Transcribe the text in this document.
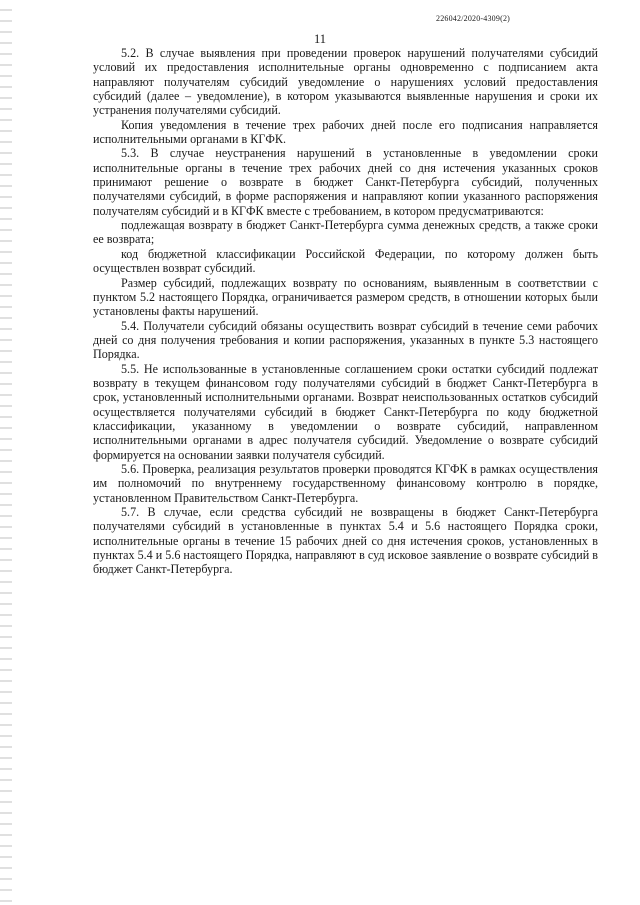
226042/2020-4309(2)
11

5.2. В случае выявления при проведении проверок нарушений получателями субсидий условий их предоставления исполнительные органы одновременно с подписанием акта направляют получателям субсидий уведомление о нарушениях условий предоставления субсидий (далее – уведомление), в котором указываются выявленные нарушения и сроки их устранения получателями субсидий.

Копия уведомления в течение трех рабочих дней после его подписания направляется исполнительными органами в КГФК.

5.3. В случае неустранения нарушений в установленные в уведомлении сроки исполнительные органы в течение трех рабочих дней со дня истечения указанных сроков принимают решение о возврате в бюджет Санкт-Петербурга субсидий, полученных получателями субсидий, в форме распоряжения и направляют копии указанного распоряжения получателям субсидий и в КГФК вместе с требованием, в котором предусматриваются:

подлежащая возврату в бюджет Санкт-Петербурга сумма денежных средств, а также сроки ее возврата;

код бюджетной классификации Российской Федерации, по которому должен быть осуществлен возврат субсидий.

Размер субсидий, подлежащих возврату по основаниям, выявленным в соответствии с пунктом 5.2 настоящего Порядка, ограничивается размером средств, в отношении которых были установлены факты нарушений.

5.4. Получатели субсидий обязаны осуществить возврат субсидий в течение семи рабочих дней со дня получения требования и копии распоряжения, указанных в пункте 5.3 настоящего Порядка.

5.5. Не использованные в установленные соглашением сроки остатки субсидий подлежат возврату в текущем финансовом году получателями субсидий в бюджет Санкт-Петербурга в срок, установленный исполнительными органами. Возврат неиспользованных остатков субсидий осуществляется получателями субсидий в бюджет Санкт-Петербурга по коду бюджетной классификации, указанному в уведомлении о возврате субсидий, направленном исполнительными органами в адрес получателя субсидий. Уведомление о возврате субсидий формируется на основании заявки получателя субсидий.

5.6. Проверка, реализация результатов проверки проводятся КГФК в рамках осуществления им полномочий по внутреннему государственному финансовому контролю в порядке, установленном Правительством Санкт-Петербурга.

5.7. В случае, если средства субсидий не возвращены в бюджет Санкт-Петербурга получателями субсидий в установленные в пунктах 5.4 и 5.6 настоящего Порядка сроки, исполнительные органы в течение 15 рабочих дней со дня истечения сроков, установленных в пунктах 5.4 и 5.6 настоящего Порядка, направляют в суд исковое заявление о возврате субсидий в бюджет Санкт-Петербурга.
